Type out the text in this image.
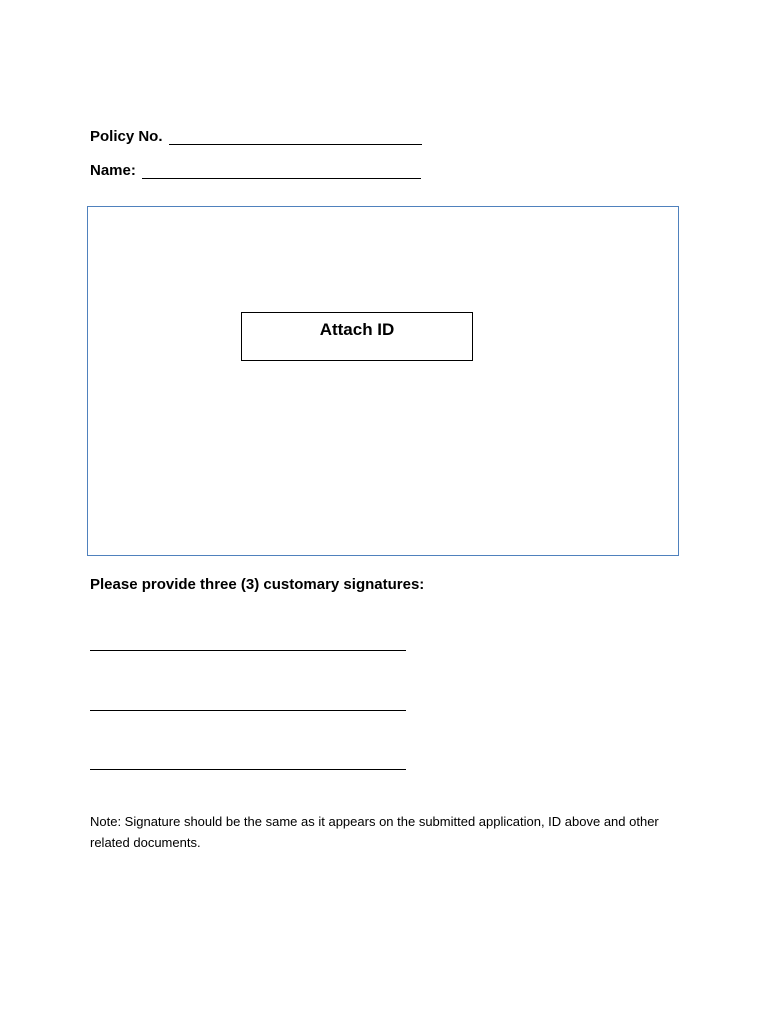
Policy No.
Name:
Attach ID
Please provide three (3) customary signatures:
Note: Signature should be the same as it appears on the submitted application, ID above and other related documents.
